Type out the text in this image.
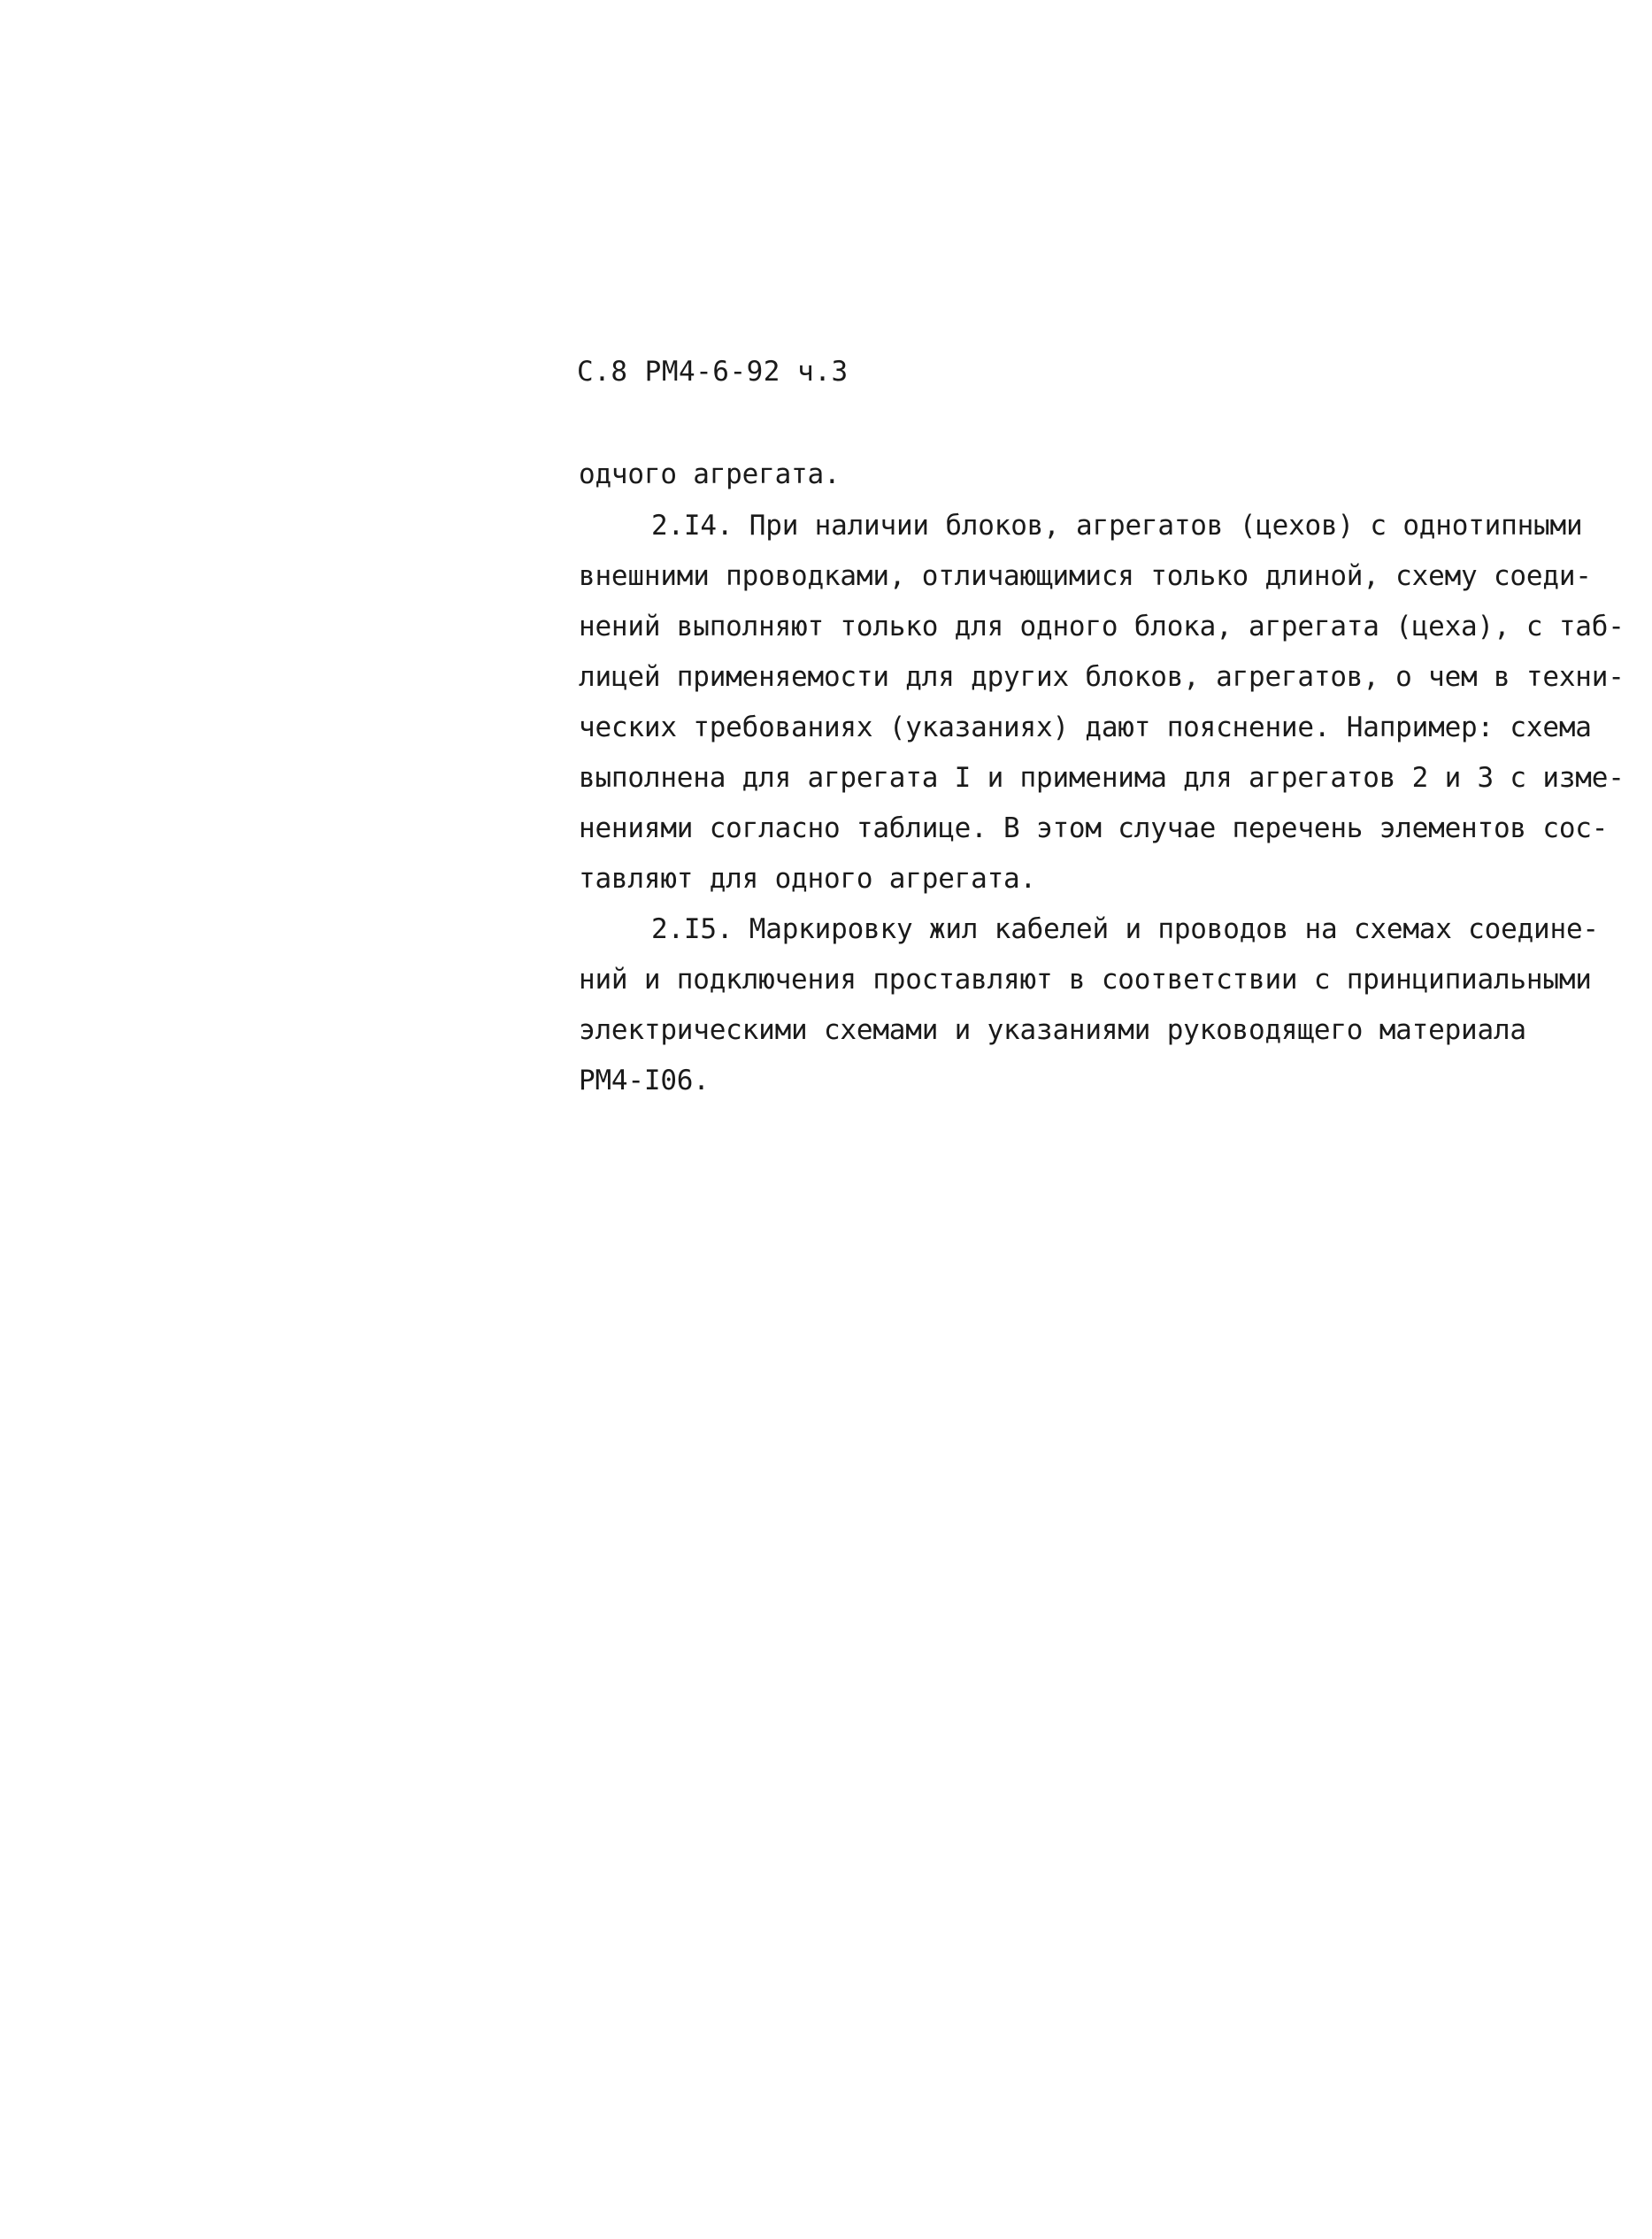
С.8 РМ4-6-92 ч.3
одчого агрегата.
2.I4. При наличии блоков, агрегатов (цехов) с однотипными
внешними проводками, отличающимися только длиной, схему соеди-
нений выполняют только для одного блока, агрегата (цеха), с таб-
лицей применяемости для других блоков, агрегатов, о чем в техни-
ческих требованиях (указаниях) дают пояснение. Например: схема
выполнена для агрегата I и применима для агрегатов 2 и 3 с изме-
нениями согласно таблице. В этом случае перечень элементов сос-
тавляют для одного агрегата.
2.I5. Маркировку жил кабелей и проводов на схемах соедине-
ний и подключения проставляют в соответствии с принципиальными
электрическими схемами и указаниями руководящего материала
РМ4-I06.
